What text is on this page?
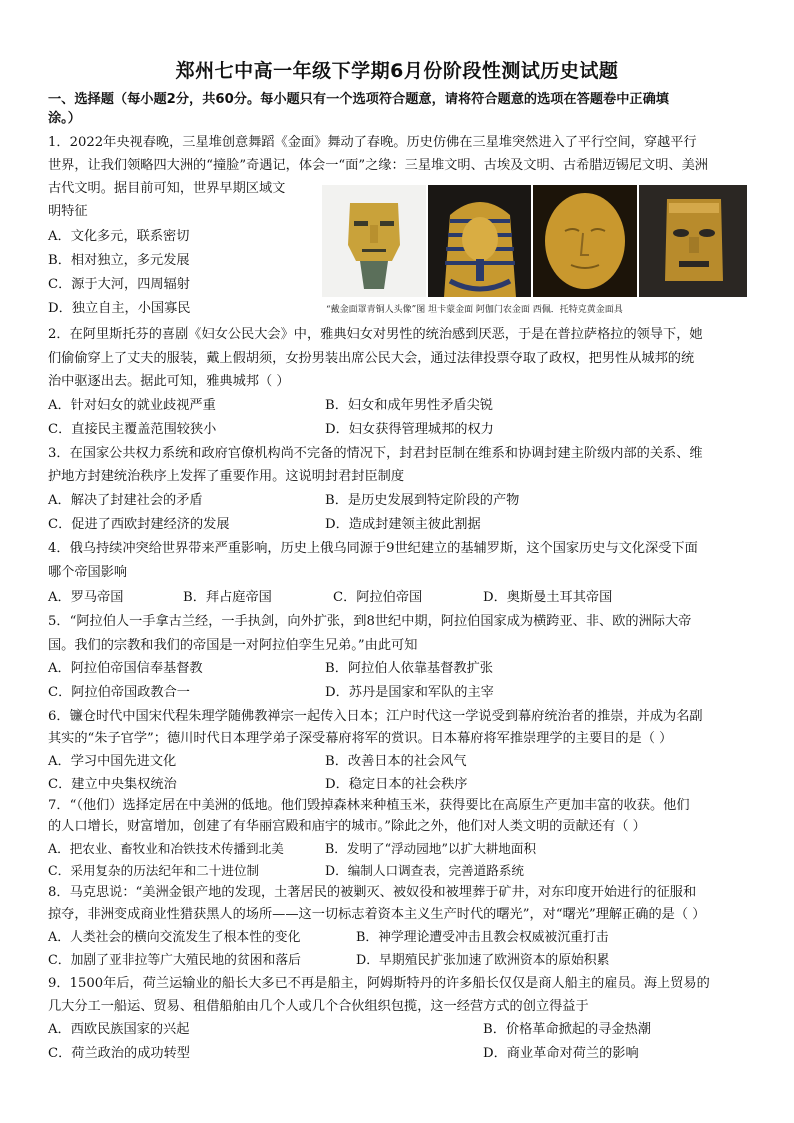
郑州七中高一年级下学期6月份阶段性测试历史试题
一、选择题（每小题2分，共60分。每小题只有一个选项符合题意，请将符合题意的选项在答题卷中正确填
涂。）
1．2022年央视春晚，三星堆创意舞蹈《金面》舞动了春晚。历史仿佛在三星堆突然进入了平行空间，穿越平行
世界，让我们领略四大洲的“撞脸”奇遇记，体会一“面”之缘：三星堆文明、古埃及文明、古希腊迈锡尼文明、美洲
古代文明。据目前可知，世界早期区域文
明特征
A．文化多元，联系密切
B．相对独立，多元发展
C．源于大河，四周辐射
D．独立自主，小国寡民	“戴金面罩青铜人头像”图 坦卡蒙金面 阿伽门农金面 西佩．托特克黄金面具
2．在阿里斯托芬的喜剧《妇女公民大会》中，雅典妇女对男性的统治感到厌恶，于是在普拉萨格拉的领导下，她
们偷偷穿上了丈夫的服装，戴上假胡须，女扮男装出席公民大会，通过法律投票夺取了政权，把男性从城邦的统
治中驱逐出去。据此可知，雅典城邦（ ）
A．针对妇女的就业歧视严重	B．妇女和成年男性矛盾尖锐
C．直接民主覆盖范围较狭小	D．妇女获得管理城邦的权力
3．在国家公共权力系统和政府官僚机构尚不完备的情况下，封君封臣制在维系和协调封建主阶级内部的关系、维
护地方封建统治秩序上发挥了重要作用。这说明封君封臣制度
A．解决了封建社会的矛盾	B．是历史发展到特定阶段的产物
C．促进了西欧封建经济的发展	D．造成封建领主彼此割据
4．俄乌持续冲突给世界带来严重影响，历史上俄乌同源于9世纪建立的基辅罗斯，这个国家历史与文化深受下面
哪个帝国影响
A．罗马帝国	B．拜占庭帝国	C．阿拉伯帝国	D．奥斯曼土耳其帝国
5．“阿拉伯人一手拿古兰经，一手执剑，向外扩张，到8世纪中期，阿拉伯国家成为横跨亚、非、欧的洲际大帝
国。我们的宗教和我们的帝国是一对阿拉伯孪生兄弟。”由此可知
A．阿拉伯帝国信奉基督教	B．阿拉伯人依靠基督教扩张
C．阿拉伯帝国政教合一	D．苏丹是国家和军队的主宰
6．镰仓时代中国宋代程朱理学随佛教禅宗一起传入日本；江户时代这一学说受到幕府统治者的推崇，并成为名副
其实的“朱子官学”；德川时代日本理学弟子深受幕府将军的赏识。日本幕府将军推崇理学的主要目的是（ ）
A．学习中国先进文化	B．改善日本的社会风气
C．建立中央集权统治	D．稳定日本的社会秩序
7．“（他们）选择定居在中美洲的低地。他们毁掉森林来种植玉米，获得要比在高原生产更加丰富的收获。他们
的人口增长，财富增加，创建了有华丽宫殿和庙宇的城市。”除此之外，他们对人类文明的贡献还有（ ）
A．把农业、畜牧业和冶铁技术传播到北美	B．发明了“浮动园地”以扩大耕地面积
C．采用复杂的历法纪年和二十进位制	D．编制人口调查表，完善道路系统
8．马克思说：“美洲金银产地的发现，土著居民的被剿灭、被奴役和被埋葬于矿井，对东印度开始进行的征服和
掠夺，非洲变成商业性猎获黑人的场所——这一切标志着资本主义生产时代的曙光”，对“曙光”理解正确的是（ ）
A．人类社会的横向交流发生了根本性的变化	B．神学理论遭受冲击且教会权威被沉重打击
C．加剧了亚非拉等广大殖民地的贫困和落后	D．早期殖民扩张加速了欧洲资本的原始积累
9．1500年后，荷兰运输业的船长大多已不再是船主，阿姆斯特丹的许多船长仅仅是商人船主的雇员。海上贸易的
几大分工一船运、贸易、租借船舶由几个人或几个合伙组织包揽，这一经营方式的创立得益于
A．西欧民族国家的兴起	B．价格革命掀起的寻金热潮
C．荷兰政治的成功转型	D．商业革命对荷兰的影响
